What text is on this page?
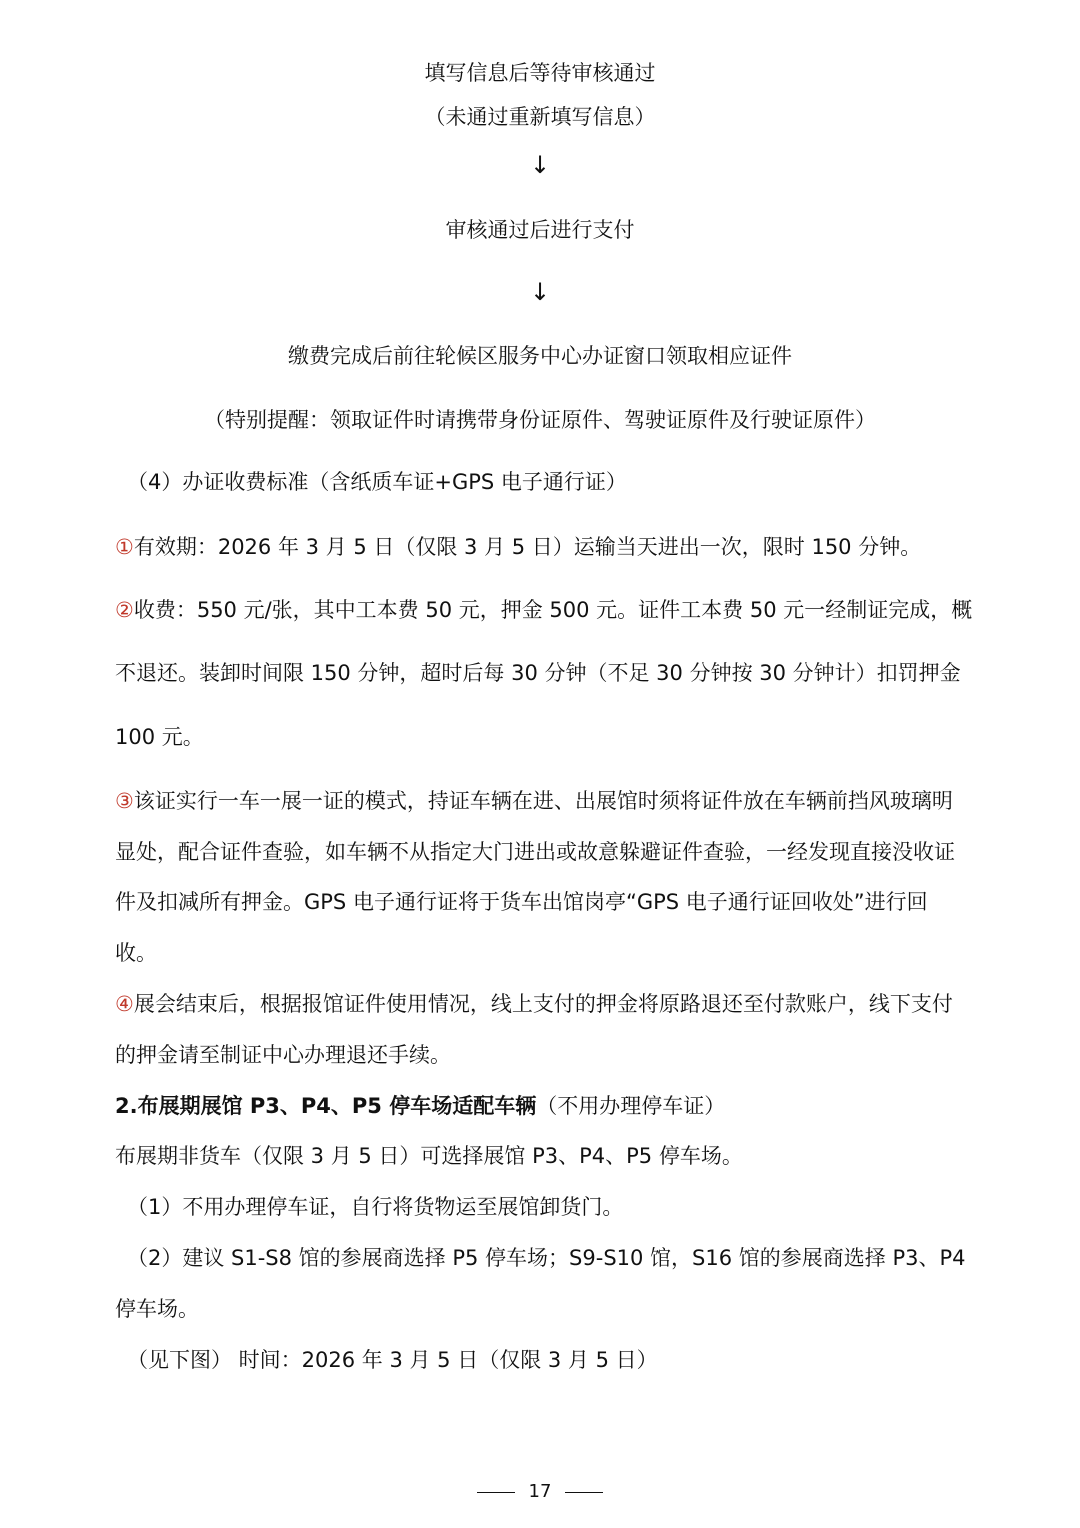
填写信息后等待审核通过
（未通过重新填写信息）
↓
审核通过后进行支付
↓
缴费完成后前往轮候区服务中心办证窗口领取相应证件
（特别提醒：领取证件时请携带身份证原件、驾驶证原件及行驶证原件）
（4）办证收费标准（含纸质车证+GPS 电子通行证）
①有效期：2026 年 3 月 5 日（仅限 3 月 5 日）运输当天进出一次，限时 150 分钟。
②收费：550 元/张，其中工本费 50 元，押金 500 元。证件工本费 50 元一经制证完成，概
不退还。装卸时间限 150 分钟，超时后每 30 分钟（不足 30 分钟按 30 分钟计）扣罚押金
100 元。
③该证实行一车一展一证的模式，持证车辆在进、出展馆时须将证件放在车辆前挡风玻璃明
显处，配合证件查验，如车辆不从指定大门进出或故意躲避证件查验，一经发现直接没收证
件及扣减所有押金。GPS 电子通行证将于货车出馆岗亭“GPS 电子通行证回收处”进行回
收。
④展会结束后，根据报馆证件使用情况，线上支付的押金将原路退还至付款账户，线下支付
的押金请至制证中心办理退还手续。
2.布展期展馆 P3、P4、P5 停车场适配车辆（不用办理停车证）
布展期非货车（仅限 3 月 5 日）可选择展馆 P3、P4、P5 停车场。
（1）不用办理停车证，自行将货物运至展馆卸货门。
（2）建议 S1-S8 馆的参展商选择 P5 停车场；S9-S10 馆，S16 馆的参展商选择 P3、P4
停车场。
（见下图） 时间：2026 年 3 月 5 日（仅限 3 月 5 日）
17
